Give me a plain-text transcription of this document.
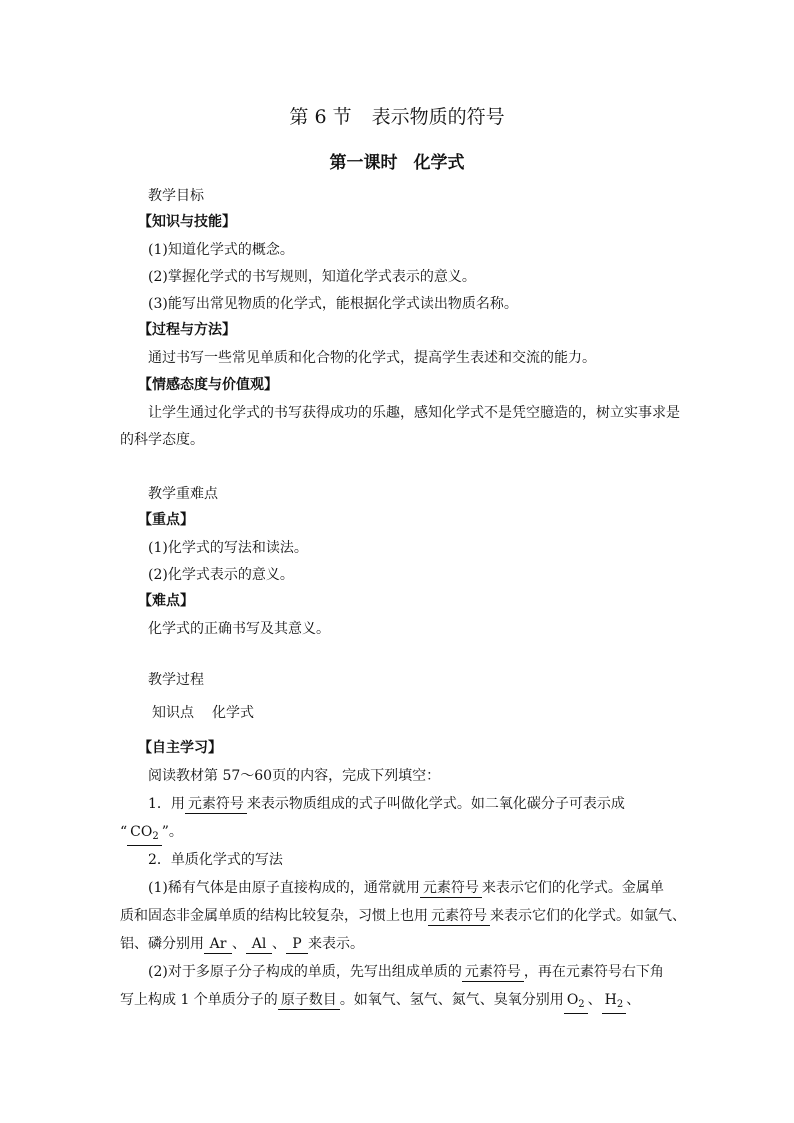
第 6 节 表示物质的符号
第一课时 化学式
教学目标
【知识与技能】
(1)知道化学式的概念。
(2)掌握化学式的书写规则，知道化学式表示的意义。
(3)能写出常见物质的化学式，能根据化学式读出物质名称。
【过程与方法】
通过书写一些常见单质和化合物的化学式，提高学生表述和交流的能力。
【情感态度与价值观】
让学生通过化学式的书写获得成功的乐趣，感知化学式不是凭空臆造的，树立实事求是
的科学态度。
教学重难点
【重点】
(1)化学式的写法和读法。
(2)化学式表示的意义。
【难点】
化学式的正确书写及其意义。
教学过程
知识点 化学式
【自主学习】
阅读教材第 57～60页的内容，完成下列填空：
1．用 元素符号 来表示物质组成的式子叫做化学式。如二氧化碳分子可表示成
“ $CO_2$ ”。
2．单质化学式的写法
(1)稀有气体是由原子直接构成的，通常就用 元素符号 来表示它们的化学式。金属单
质和固态非金属单质的结构比较复杂，习惯上也用 元素符号 来表示它们的化学式。如氩气、
铝、磷分别用 Ar 、 Al 、 P 来表示。
(2)对于多原子分子构成的单质，先写出组成单质的 元素符号 ，再在元素符号右下角
写上构成 1 个单质分子的 原子数目 。如氧气、氢气、氮气、臭氧分别用 $O_2$ 、 $H_2$ 、
